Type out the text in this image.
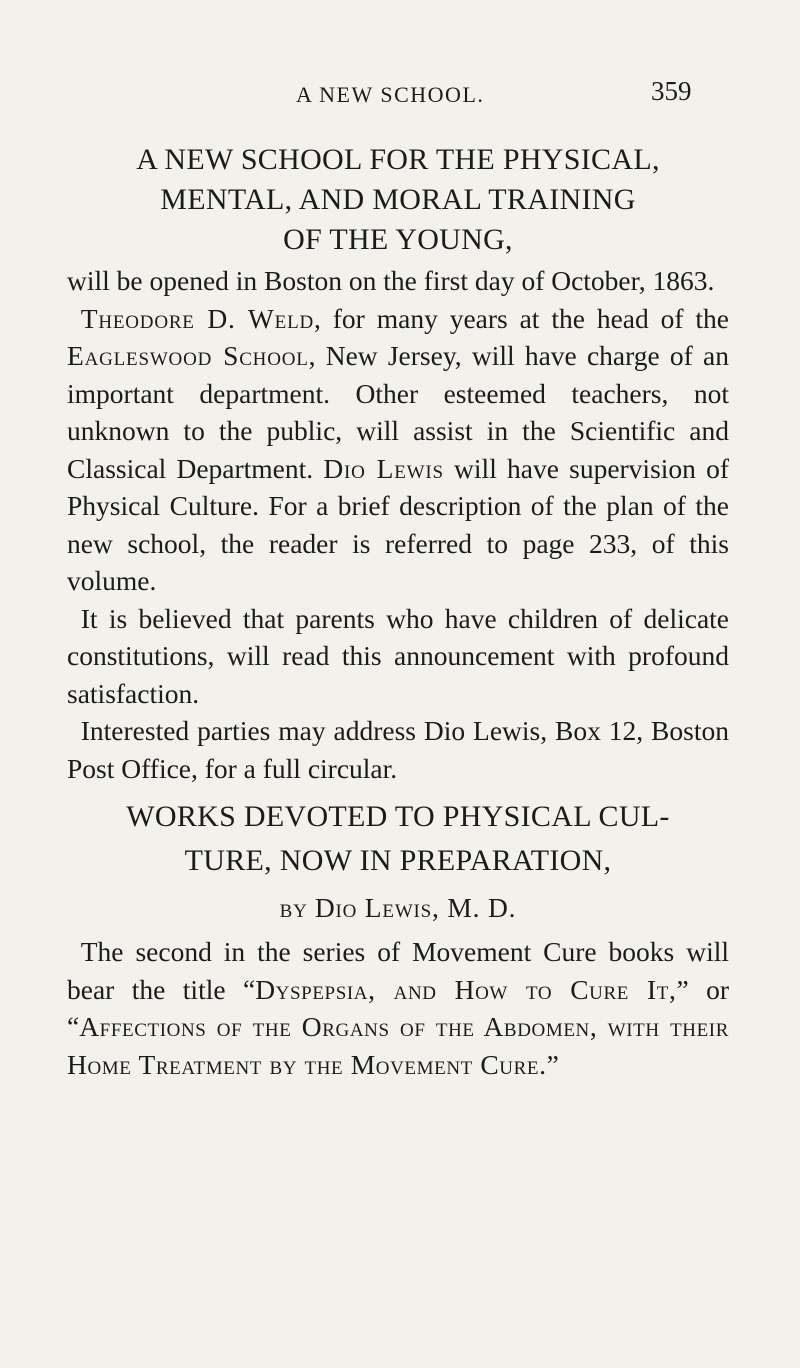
A NEW SCHOOL.	359
A NEW SCHOOL FOR THE PHYSICAL,
MENTAL, AND MORAL TRAINING
OF THE YOUNG,

will be opened in Boston on the first day of October, 1863.

Theodore D. Weld, for many years at the head of the Eagleswood School, New Jersey, will have charge of an important department. Other esteemed teachers, not unknown to the public, will assist in the Scientific and Classical Department. Dio Lewis will have supervision of Physical Culture. For a brief description of the plan of the new school, the reader is referred to page 233, of this volume.

It is believed that parents who have children of delicate constitutions, will read this announcement with profound satisfaction.

Interested parties may address Dio Lewis, Box 12, Boston Post Office, for a full circular.

WORKS DEVOTED TO PHYSICAL CUL-
TURE, NOW IN PREPARATION,
by Dio Lewis, M. D.

The second in the series of Movement Cure books will bear the title “Dyspepsia, and How to Cure It,” or “Affections of the Organs of the Abdomen, with their Home Treatment by the Movement Cure.”
